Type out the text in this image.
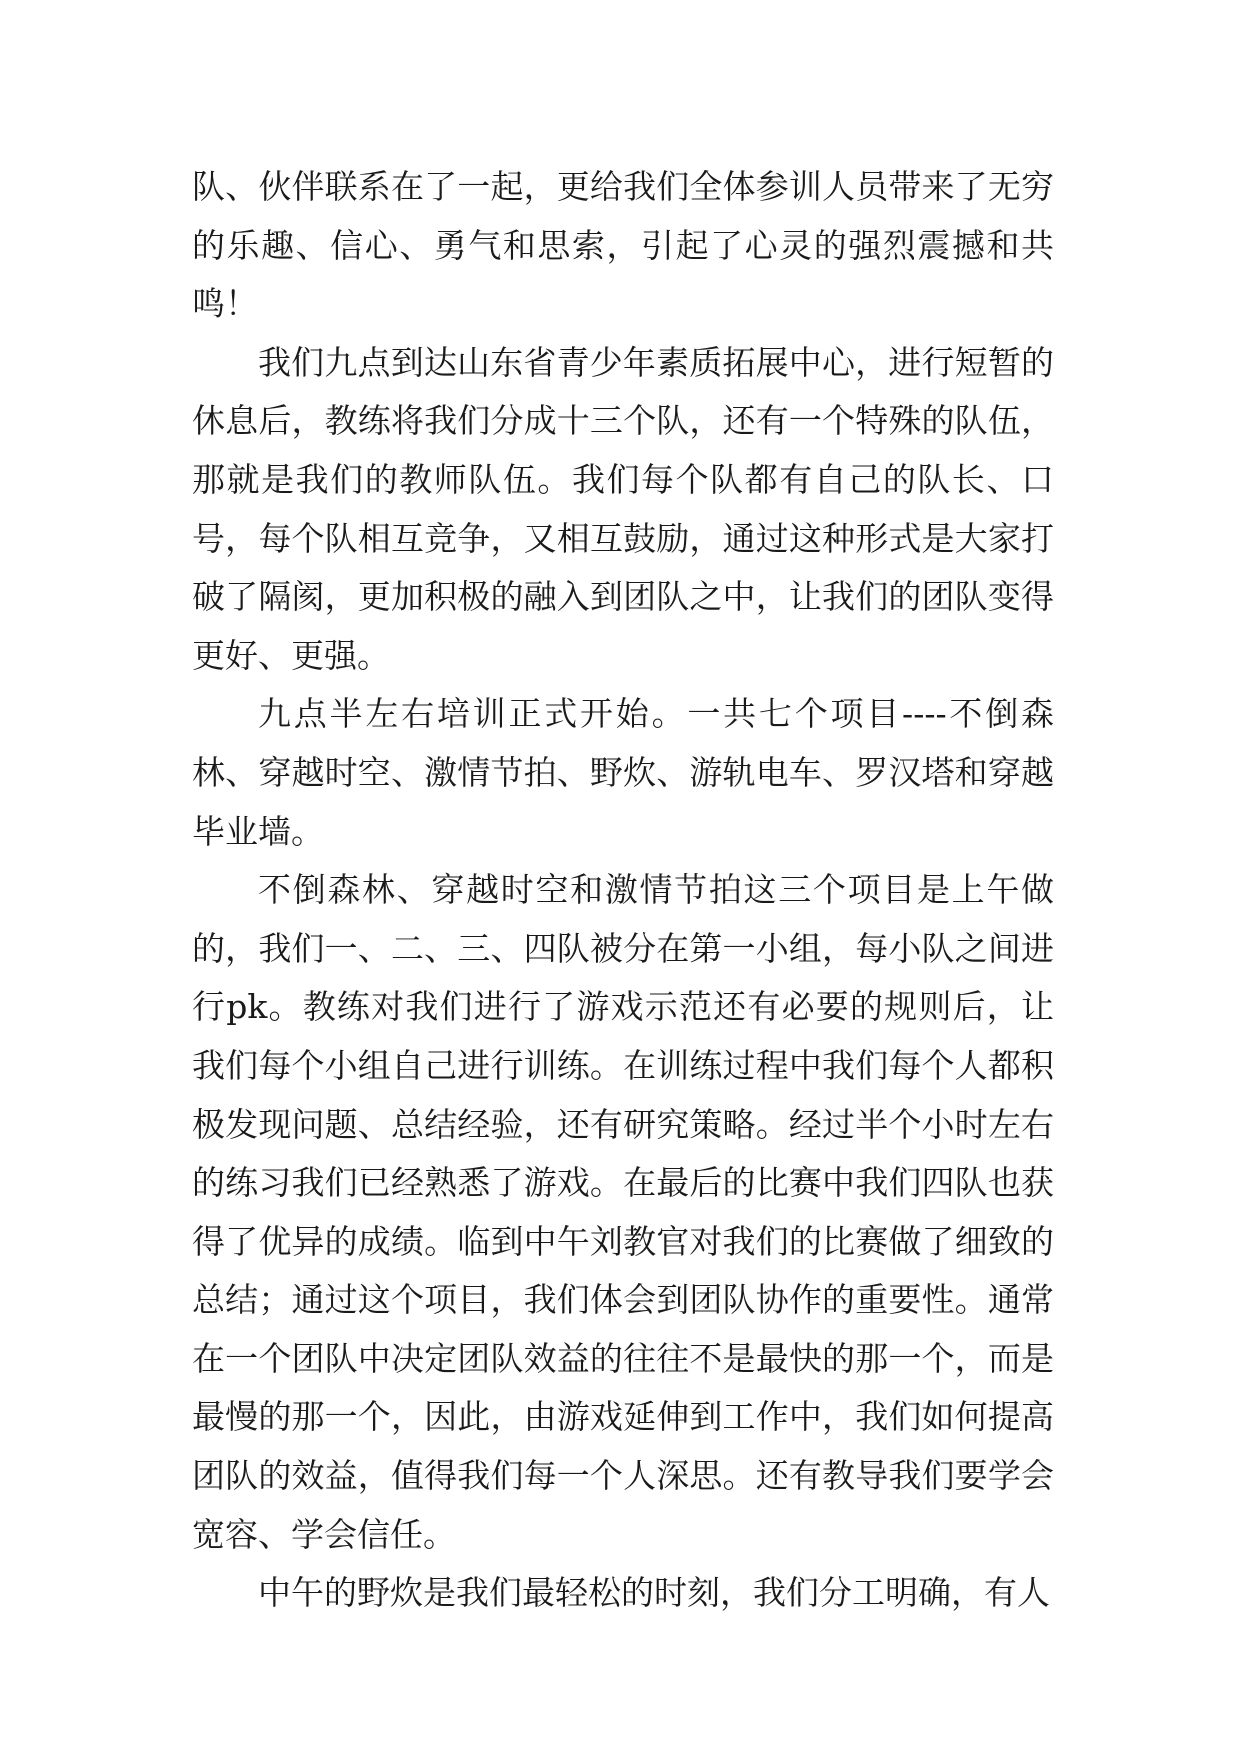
队、伙伴联系在了一起，更给我们全体参训人员带来了无穷的乐趣、信心、勇气和思索，引起了心灵的强烈震撼和共鸣！

我们九点到达山东省青少年素质拓展中心，进行短暂的休息后，教练将我们分成十三个队，还有一个特殊的队伍，那就是我们的教师队伍。我们每个队都有自己的队长、口号，每个队相互竞争，又相互鼓励，通过这种形式是大家打破了隔阂，更加积极的融入到团队之中，让我们的团队变得更好、更强。

九点半左右培训正式开始。一共七个项目----不倒森林、穿越时空、激情节拍、野炊、游轨电车、罗汉塔和穿越毕业墙。

不倒森林、穿越时空和激情节拍这三个项目是上午做的，我们一、二、三、四队被分在第一小组，每小队之间进行pk。教练对我们进行了游戏示范还有必要的规则后，让我们每个小组自己进行训练。在训练过程中我们每个人都积极发现问题、总结经验，还有研究策略。经过半个小时左右的练习我们已经熟悉了游戏。在最后的比赛中我们四队也获得了优异的成绩。临到中午刘教官对我们的比赛做了细致的总结；通过这个项目，我们体会到团队协作的重要性。通常在一个团队中决定团队效益的往往不是最快的那一个，而是最慢的那一个，因此，由游戏延伸到工作中，我们如何提高团队的效益，值得我们每一个人深思。还有教导我们要学会宽容、学会信任。

中午的野炊是我们最轻松的时刻，我们分工明确，有人
